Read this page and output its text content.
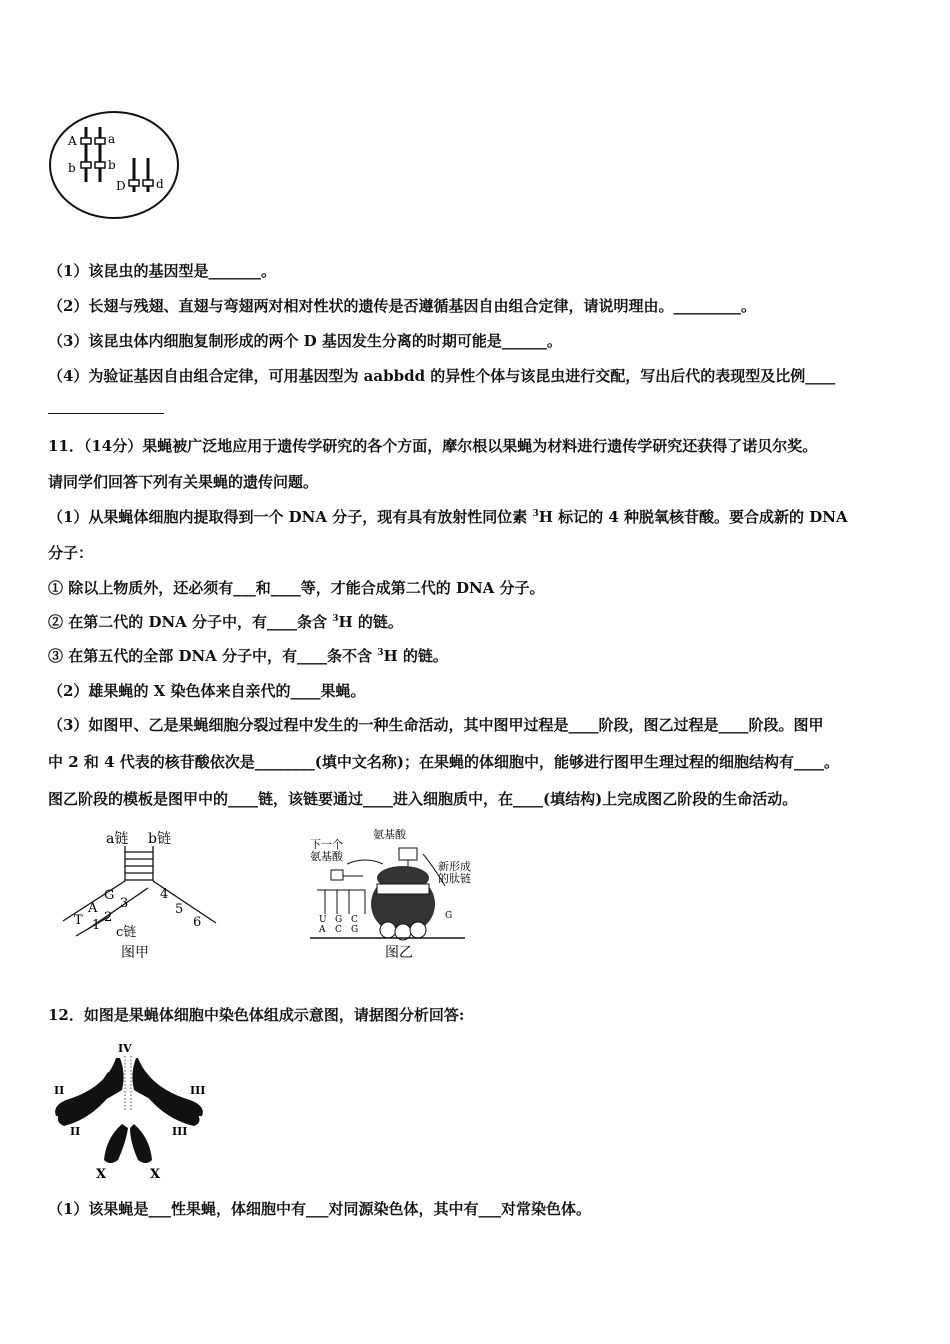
A	a
b	b
D	d
（1）该昆虫的基因型是_______。
（2）长翅与残翅、直翅与弯翅两对相对性状的遗传是否遵循基因自由组合定律，请说明理由。_________。
（3）该昆虫体内细胞复制形成的两个 D 基因发生分离的时期可能是______。
（4）为验证基因自由组合定律，可用基因型为 aabbdd 的异性个体与该昆虫进行交配，写出后代的表现型及比例____
11．（14分）果蝇被广泛地应用于遗传学研究的各个方面，摩尔根以果蝇为材料进行遗传学研究还获得了诺贝尔奖。
请同学们回答下列有关果蝇的遗传问题。
（1）从果蝇体细胞内提取得到一个 DNA 分子，现有具有放射性同位素 $^3$H 标记的 4 种脱氧核苷酸。要合成新的 DNA
分子：
① 除以上物质外，还必须有___和____等，才能合成第二代的 DNA 分子。
② 在第二代的 DNA 分子中，有____条含 $^3$H 的链。
③ 在第五代的全部 DNA 分子中，有____条不含 $^3$H 的链。
（2）雄果蝇的 X 染色体来自亲代的____果蝇。
（3）如图甲、乙是果蝇细胞分裂过程中发生的一种生命活动，其中图甲过程是____阶段，图乙过程是____阶段。图甲
中 2 和 4 代表的核苷酸依次是________(填中文名称)；在果蝇的体细胞中，能够进行图甲生理过程的细胞结构有____。
图乙阶段的模板是图甲中的____链，该链要通过____进入细胞质中，在____(填结构)上完成图乙阶段的生命活动。
a链 b链
G
3
A
2
T 1
4
5
6
c链
图甲
下一个
氨基酸
氨基酸
新形成
的肽链
U
A
G
C
C
G
G
图乙
12．如图是果蝇体细胞中染色体组成示意图，请据图分析回答:
IV
II	III
II	III
X	X
（1）该果蝇是___性果蝇，体细胞中有___对同源染色体，其中有___对常染色体。
